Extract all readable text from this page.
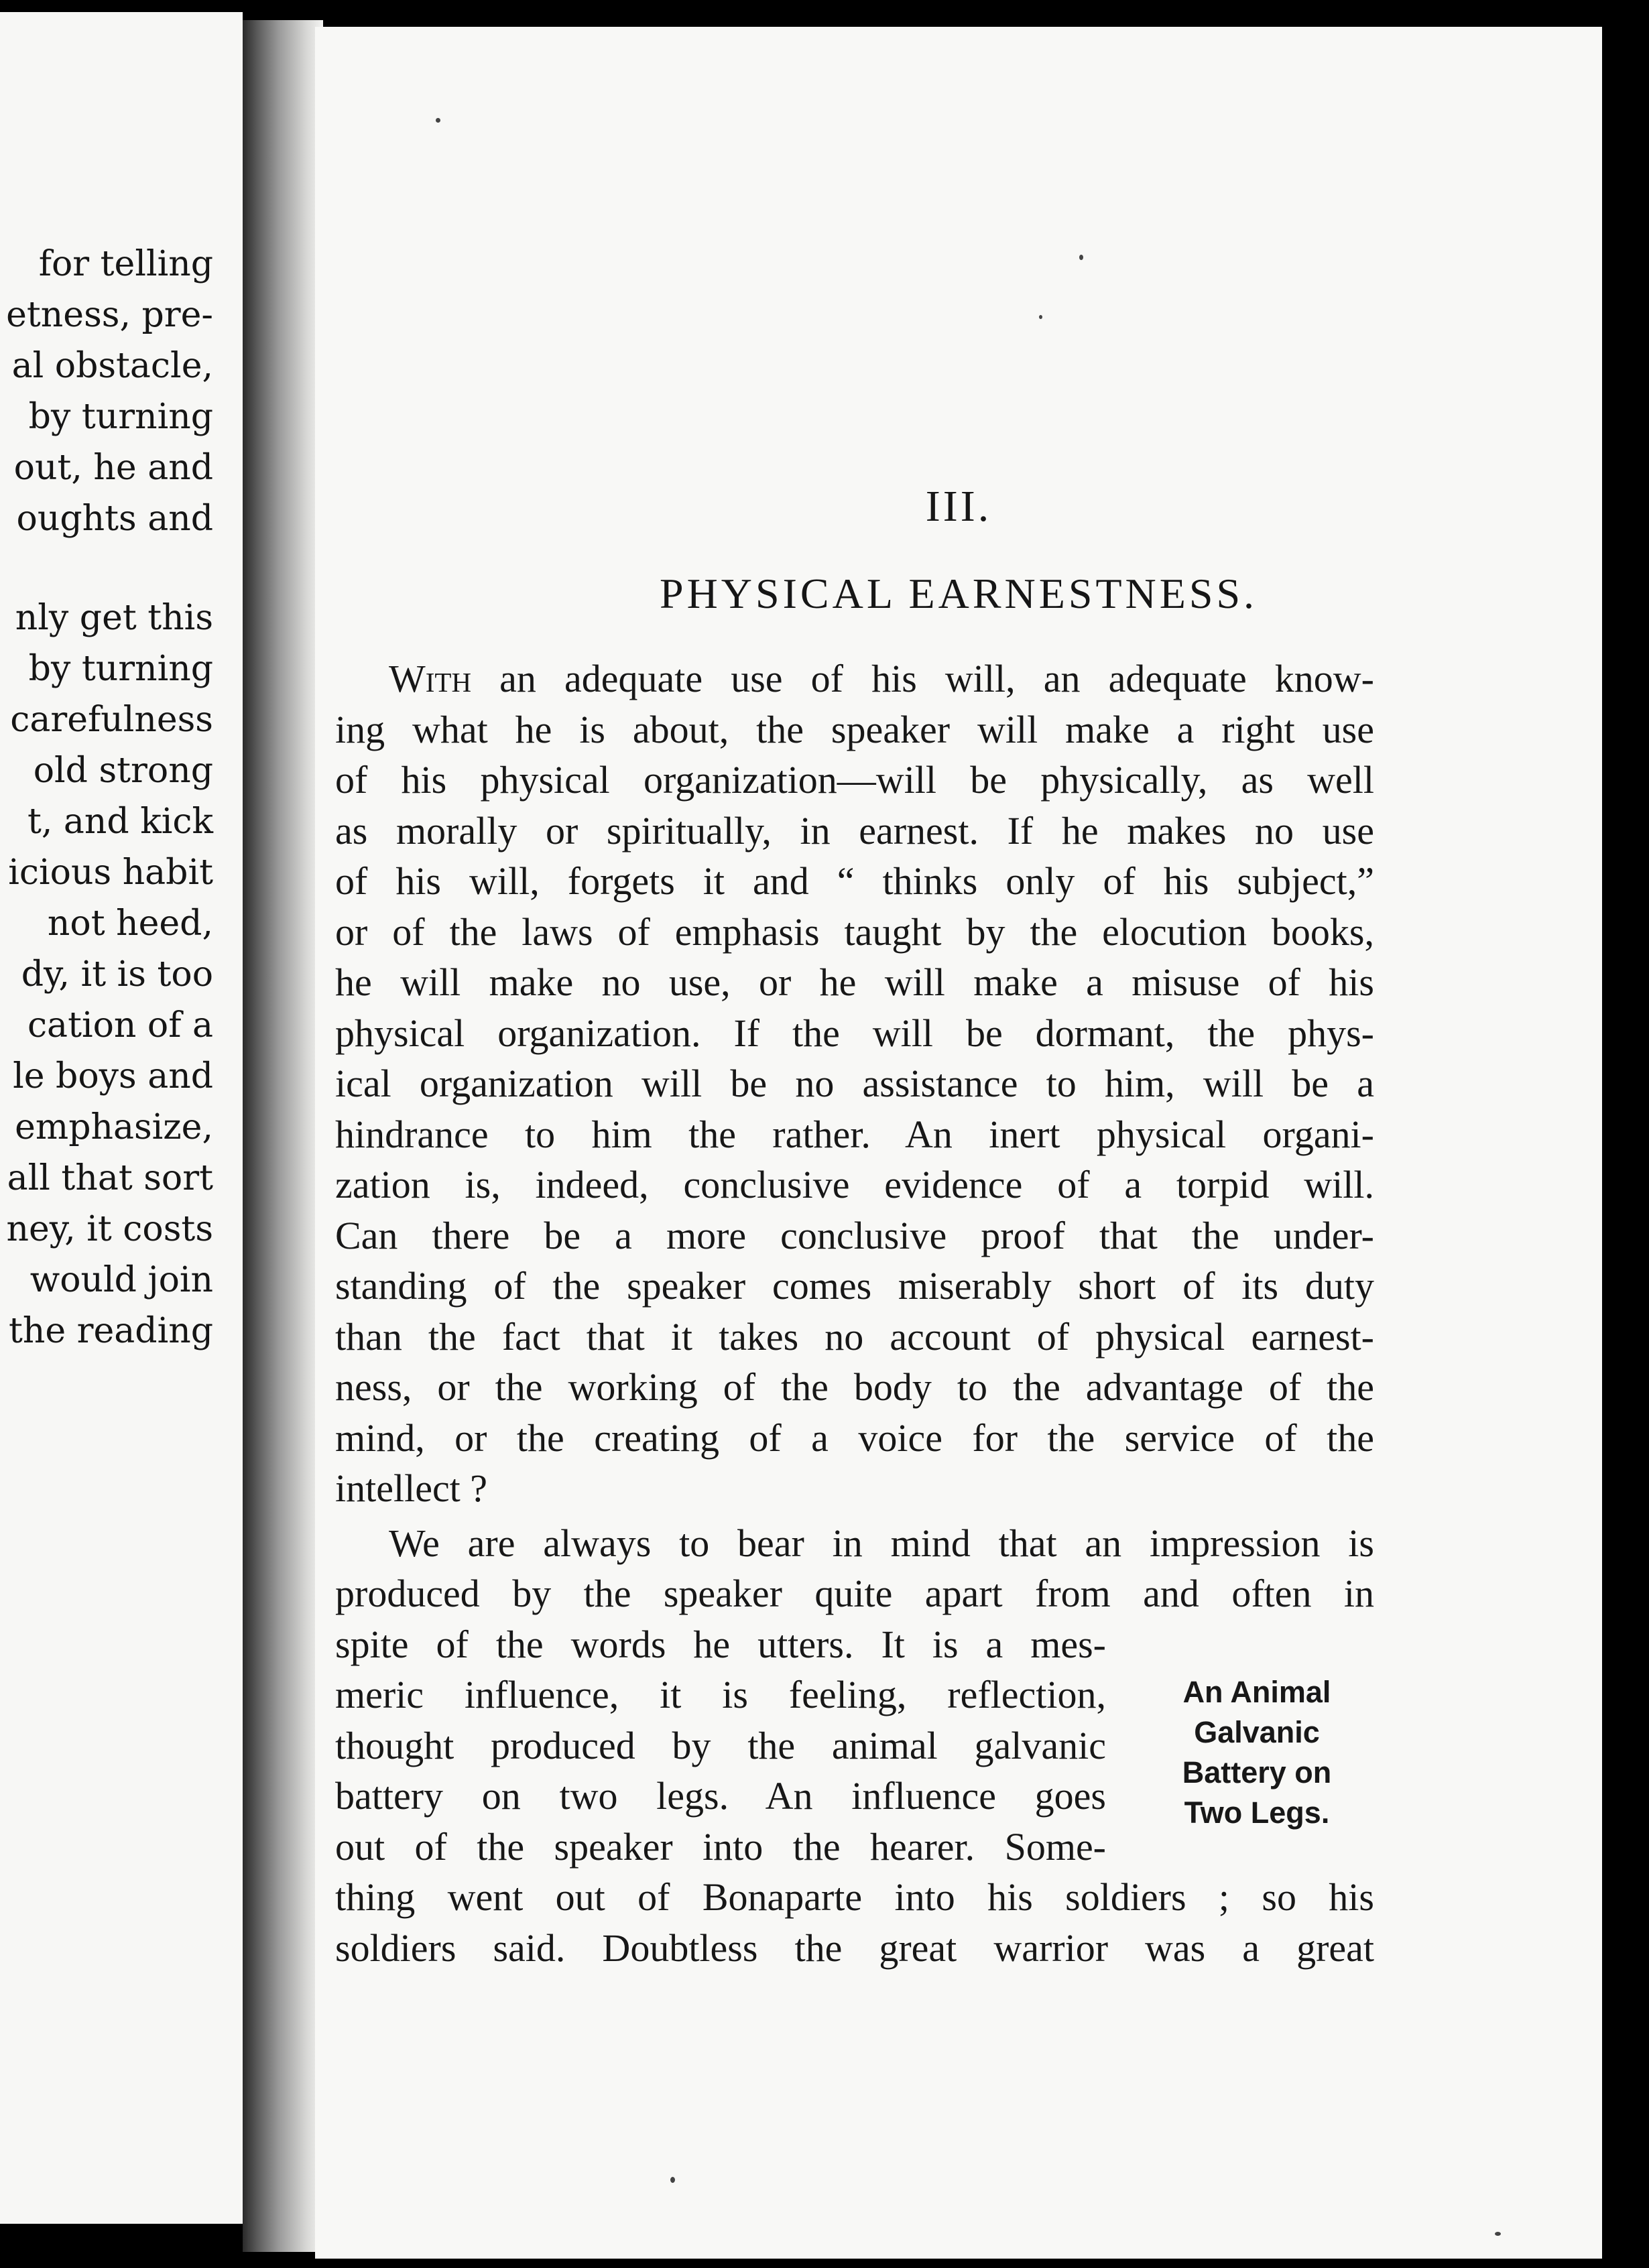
for telling
etness, pre-
al obstacle,
by turning
out, he and
oughts and
nly get this
by turning
carefulness
old strong
t, and kick
icious habit
not heed,
dy, it is too
cation of a
le boys and
emphasize,
all that sort
ney, it costs
would join
the reading
III.
PHYSICAL EARNESTNESS.
With an adequate use of his will, an adequate know-
ing what he is about, the speaker will make a right use
of his physical organization—will be physically, as well
as morally or spiritually, in earnest. If he makes no use
of his will, forgets it and “ thinks only of his subject,”
or of the laws of emphasis taught by the elocution books,
he will make no use, or he will make a misuse of his
physical organization. If the will be dormant, the phys-
ical organization will be no assistance to him, will be a
hindrance to him the rather. An inert physical organi-
zation is, indeed, conclusive evidence of a torpid will.
Can there be a more conclusive proof that the under-
standing of the speaker comes miserably short of its duty
than the fact that it takes no account of physical earnest-
ness, or the working of the body to the advantage of the
mind, or the creating of a voice for the service of the
intellect ?
We are always to bear in mind that an impression is
produced by the speaker quite apart from and often in
spite of the words he utters. It is a mes-
meric influence, it is feeling, reflection,
thought produced by the animal galvanic
battery on two legs. An influence goes
out of the speaker into the hearer. Some-
thing went out of Bonaparte into his soldiers ; so his
soldiers said. Doubtless the great warrior was a great
An Animal
Galvanic
Battery on
Two Legs.
